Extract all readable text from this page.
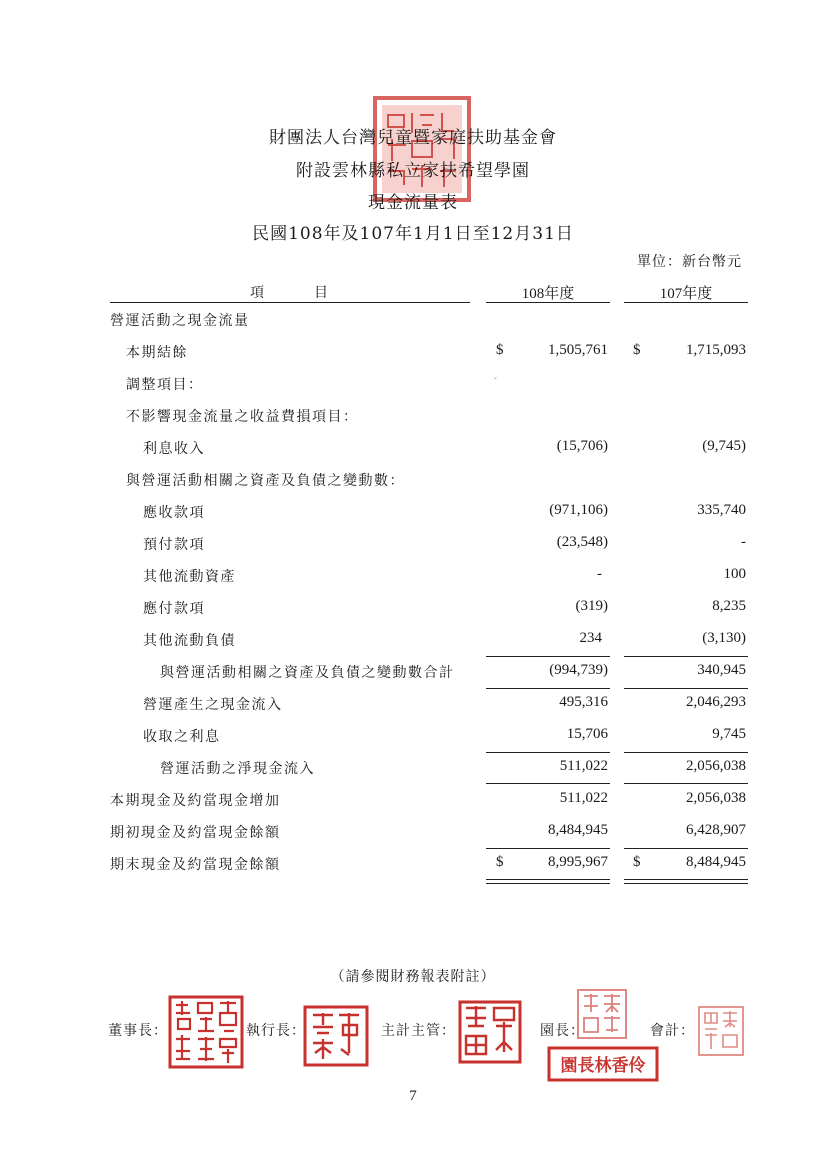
財團法人台灣兒童暨家庭扶助基金會
附設雲林縣私立家扶希望學園
現金流量表
民國108年及107年1月1日至12月31日
單位：新台幣元
項　　　目	108年度	107年度
營運活動之現金流量
本期結餘	$	1,505,761 $	1,715,093
ˇ
調整項目：
不影響現金流量之收益費損項目：
利息收入	(15,706)	(9,745)
與營運活動相關之資產及負債之變動數：
應收款項	(971,106)	335,740
預付款項	(23,548)	-
其他流動資產	-	100
應付款項	(319)	8,235
其他流動負債	234	(3,130)
與營運活動相關之資產及負債之變動數合計	(994,739)	340,945
營運產生之現金流入	495,316	2,046,293
收取之利息	15,706	9,745
營運活動之淨現金流入	511,022	2,056,038
本期現金及約當現金增加	511,022	2,056,038
期初現金及約當現金餘額	8,484,945	6,428,907
期末現金及約當現金餘額	$	8,995,967 $	8,484,945
（請參閱財務報表附註）
董事長：	執行長：	主計主管：	園長：
園長林香伶
會計：
7
